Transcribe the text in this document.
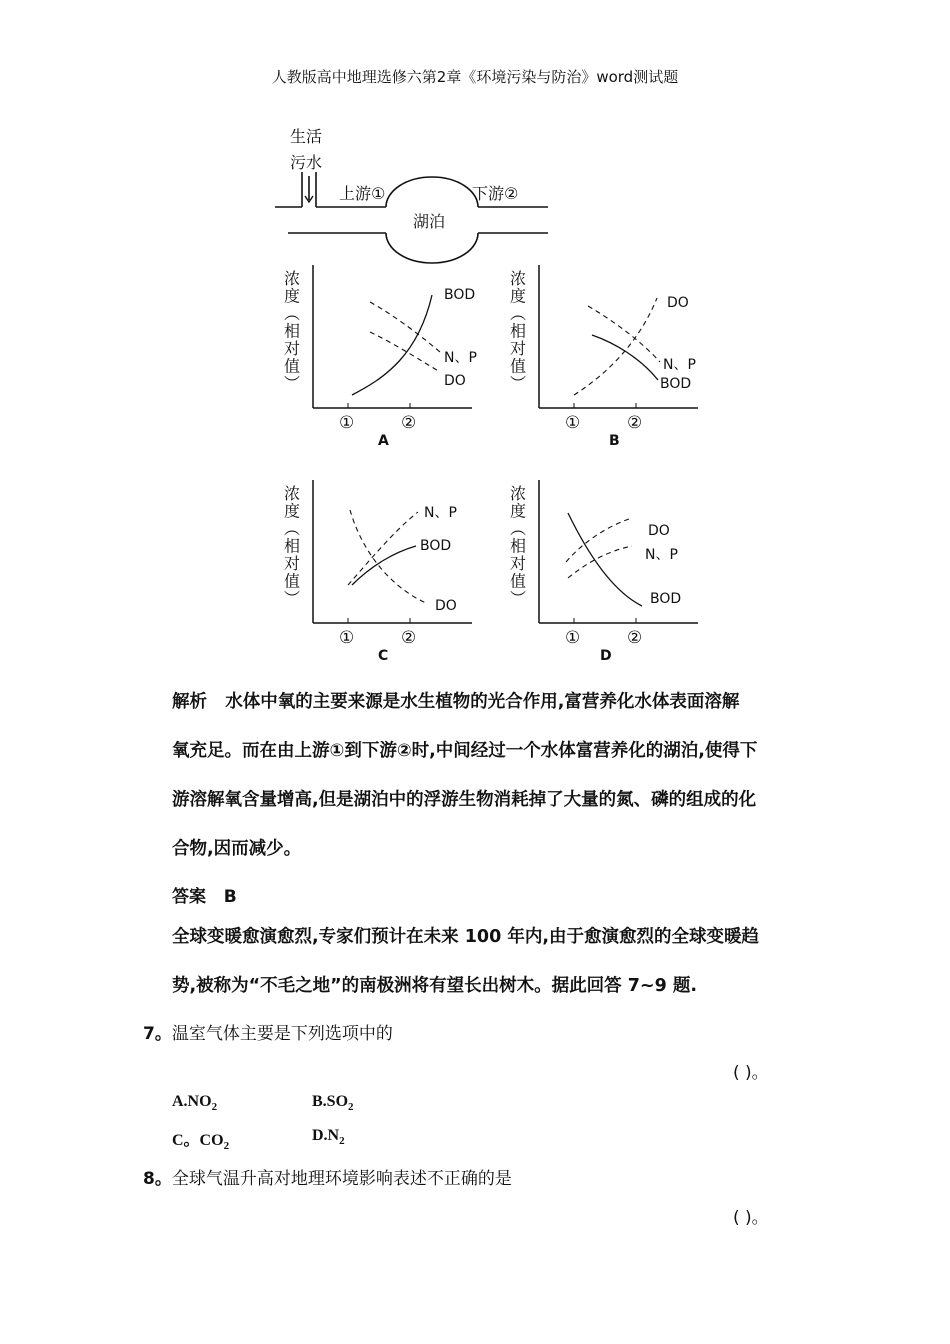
人教版高中地理选修六第2章《环境污染与防治》word测试题
生活
污水
上游①	下游②
湖泊
浓
度
︵
相
对
值
︶
①	②
A
BOD
N、P
DO
浓
度
︵
相
对
值
︶
①	②
B
DO
N、P
BOD
浓
度
︵
相
对
值
︶
①	②
C
N、P
BOD
DO
浓
度
︵
相
对
值
︶
①	②
D
DO
N、P
BOD
解析 水体中氧的主要来源是水生植物的光合作用,富营养化水体表面溶解
氧充足。而在由上游①到下游②时,中间经过一个水体富营养化的湖泊,使得下
游溶解氧含量增高,但是湖泊中的浮游生物消耗掉了大量的氮、磷的组成的化
合物,因而减少。
答案 B
全球变暖愈演愈烈,专家们预计在未来 100 年内,由于愈演愈烈的全球变暖趋
势,被称为“不毛之地”的南极洲将有望长出树木。据此回答 7~9 题.
7。温室气体主要是下列选项中的
( )。
$A.NO_2$	$B.SO_2$
C。$CO_2$
$D.N_2$
8。全球气温升高对地理环境影响表述不正确的是
( )。
